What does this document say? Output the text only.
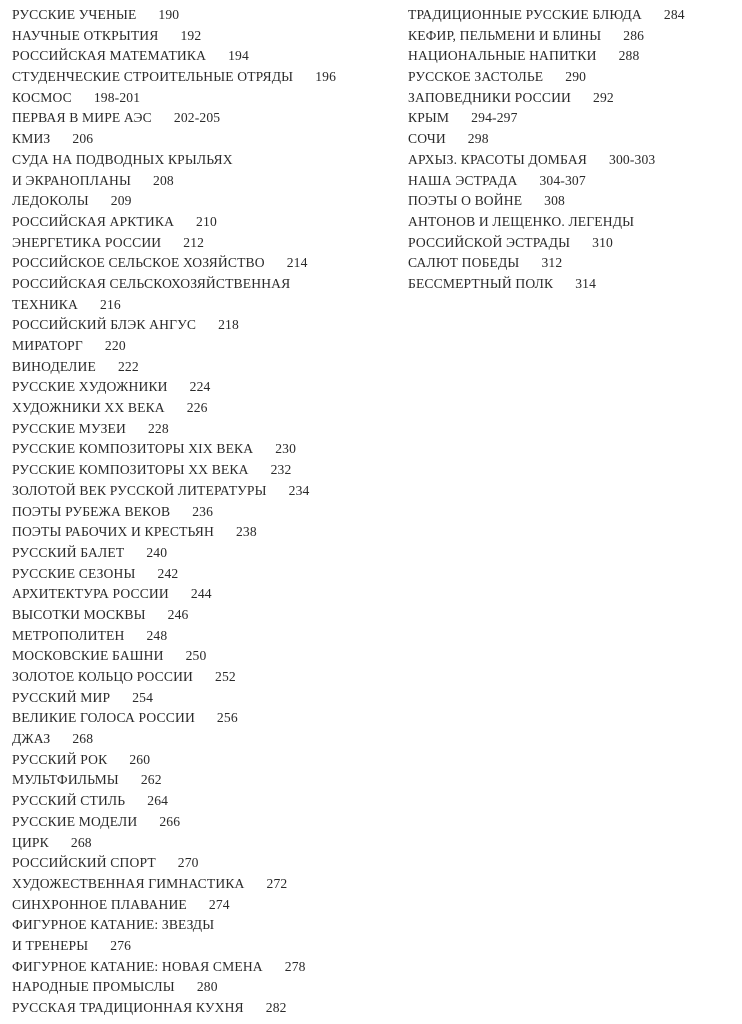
РУССКИЕ УЧЕНЫЕ 190
НАУЧНЫЕ ОТКРЫТИЯ 192
РОССИЙСКАЯ МАТЕМАТИКА 194
СТУДЕНЧЕСКИЕ СТРОИТЕЛЬНЫЕ ОТРЯДЫ 196
КОСМОС 198-201
ПЕРВАЯ В МИРЕ АЭС 202-205
КМИЗ 206
СУДА НА ПОДВОДНЫХ КРЫЛЬЯХ
И ЭКРАНОПЛАНЫ 208
ЛЕДОКОЛЫ 209
РОССИЙСКАЯ АРКТИКА 210
ЭНЕРГЕТИКА РОССИИ 212
РОССИЙСКОЕ СЕЛЬСКОЕ ХОЗЯЙСТВО 214
РОССИЙСКАЯ СЕЛЬСКОХОЗЯЙСТВЕННАЯ
ТЕХНИКА 216
РОССИЙСКИЙ БЛЭК АНГУС 218
МИРАТОРГ 220
ВИНОДЕЛИЕ 222
РУССКИЕ ХУДОЖНИКИ 224
ХУДОЖНИКИ XX ВЕКА 226
РУССКИЕ МУЗЕИ 228
РУССКИЕ КОМПОЗИТОРЫ XIX ВЕКА 230
РУССКИЕ КОМПОЗИТОРЫ XX ВЕКА 232
ЗОЛОТОЙ ВЕК РУССКОЙ ЛИТЕРАТУРЫ 234
ПОЭТЫ РУБЕЖА ВЕКОВ 236
ПОЭТЫ РАБОЧИХ И КРЕСТЬЯН 238
РУССКИЙ БАЛЕТ 240
РУССКИЕ СЕЗОНЫ 242
АРХИТЕКТУРА РОССИИ 244
ВЫСОТКИ МОСКВЫ 246
МЕТРОПОЛИТЕН 248
МОСКОВСКИЕ БАШНИ 250
ЗОЛОТОЕ КОЛЬЦО РОССИИ 252
РУССКИЙ МИР 254
ВЕЛИКИЕ ГОЛОСА РОССИИ 256
ДЖАЗ 268
РУССКИЙ РОК 260
МУЛЬТФИЛЬМЫ 262
РУССКИЙ СТИЛЬ 264
РУССКИЕ МОДЕЛИ 266
ЦИРК 268
РОССИЙСКИЙ СПОРТ 270
ХУДОЖЕСТВЕННАЯ ГИМНАСТИКА 272
СИНХРОННОЕ ПЛАВАНИЕ 274
ФИГУРНОЕ КАТАНИЕ: ЗВЕЗДЫ
И ТРЕНЕРЫ 276
ФИГУРНОЕ КАТАНИЕ: НОВАЯ СМЕНА 278
НАРОДНЫЕ ПРОМЫСЛЫ 280
РУССКАЯ ТРАДИЦИОННАЯ КУХНЯ 282
ТРАДИЦИОННЫЕ РУССКИЕ БЛЮДА 284
КЕФИР, ПЕЛЬМЕНИ И БЛИНЫ 286
НАЦИОНАЛЬНЫЕ НАПИТКИ 288
РУССКОЕ ЗАСТОЛЬЕ 290
ЗАПОВЕДНИКИ РОССИИ 292
КРЫМ 294-297
СОЧИ 298
АРХЫЗ. КРАСОТЫ ДОМБАЯ 300-303
НАША ЭСТРАДА 304-307
ПОЭТЫ О ВОЙНЕ 308
АНТОНОВ И ЛЕЩЕНКО. ЛЕГЕНДЫ
РОССИЙСКОЙ ЭСТРАДЫ 310
САЛЮТ ПОБЕДЫ 312
БЕССМЕРТНЫЙ ПОЛК 314
